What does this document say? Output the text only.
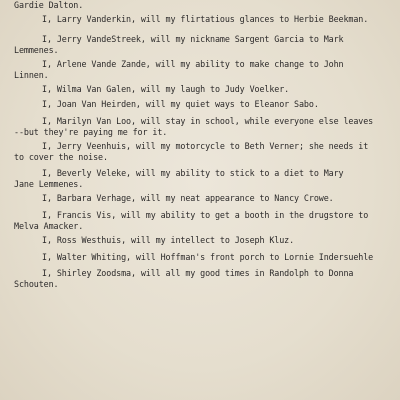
Gardie Dalton.
I, Larry Vanderkin, will my flirtatious glances to Herbie Beekman.
I, Jerry VandeStreek, will my nickname Sargent Garcia to Mark
Lemmenes.
I, Arlene Vande Zande, will my ability to make change to John
Linnen.
I, Wilma Van Galen, will my laugh to Judy Voelker.
I, Joan Van Heirden, will my quiet ways to Eleanor Sabo.
I, Marilyn Van Loo, will stay in school, while everyone else leaves
--but they're paying me for it.
I, Jerry Veenhuis, will my motorcycle to Beth Verner; she needs it
to cover the noise.
I, Beverly Veleke, will my ability to stick to a diet to Mary
Jane Lemmenes.
I, Barbara Verhage, will my neat appearance to Nancy Crowe.
I, Francis Vis, will my ability to get a booth in the drugstore to
Melva Amacker.
I, Ross Westhuis, will my intellect to Joseph Kluz.
I, Walter Whiting, will Hoffman's front porch to Lornie Indersuehle
I, Shirley Zoodsma, will all my good times in Randolph to Donna
Schouten.
